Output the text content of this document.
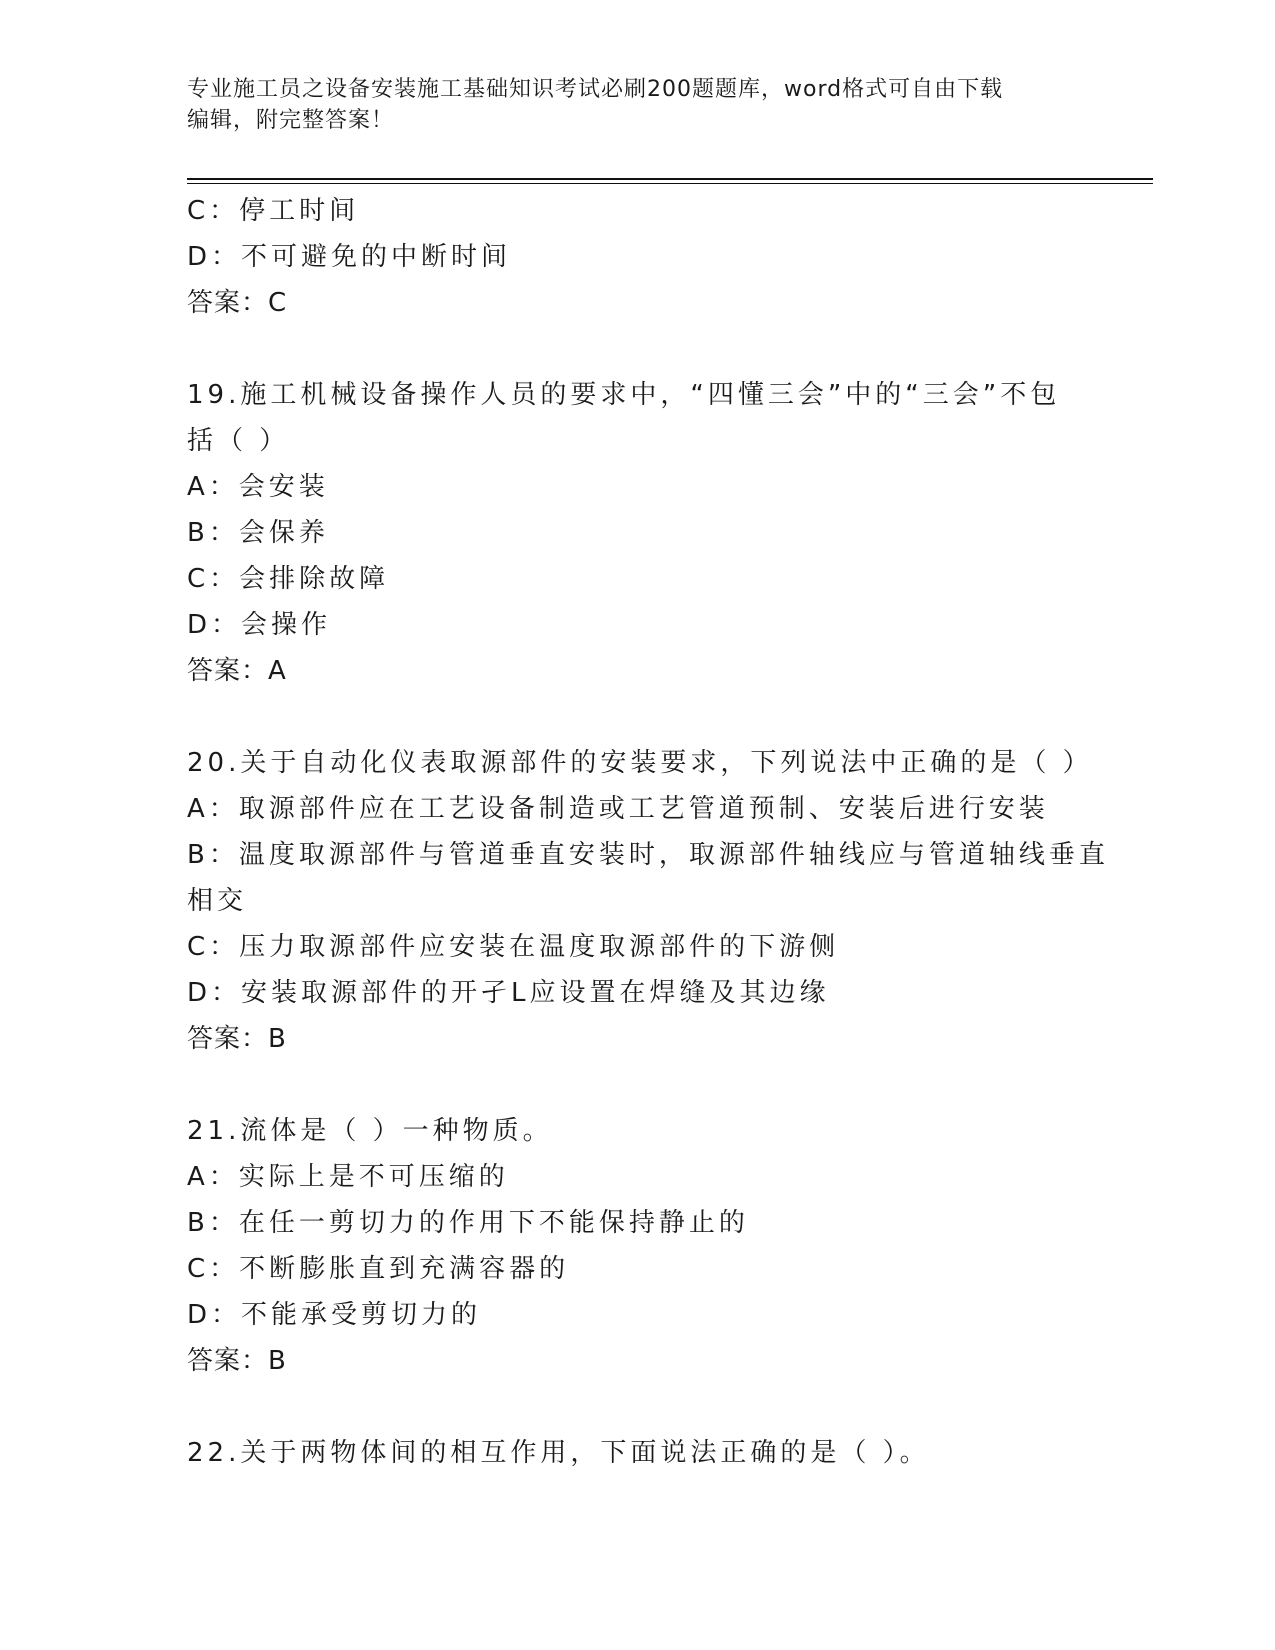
专业施工员之设备安装施工基础知识考试必刷200题题库，word格式可自由下载
编辑，附完整答案！
C：停工时间
D：不可避免的中断时间
答案：C
19.施工机械设备操作人员的要求中，“四懂三会”中的“三会”不包
括（ ）
A：会安装
B：会保养
C：会排除故障
D：会操作
答案：A
20.关于自动化仪表取源部件的安装要求，下列说法中正确的是（ ）
A：取源部件应在工艺设备制造或工艺管道预制、安装后进行安装
B：温度取源部件与管道垂直安装时，取源部件轴线应与管道轴线垂直
相交
C：压力取源部件应安装在温度取源部件的下游侧
D：安装取源部件的开孑L应设置在焊缝及其边缘
答案：B
21.流体是（ ）一种物质。
A：实际上是不可压缩的
B：在任一剪切力的作用下不能保持静止的
C：不断膨胀直到充满容器的
D：不能承受剪切力的
答案：B
22.关于两物体间的相互作用，下面说法正确的是（ ）。
